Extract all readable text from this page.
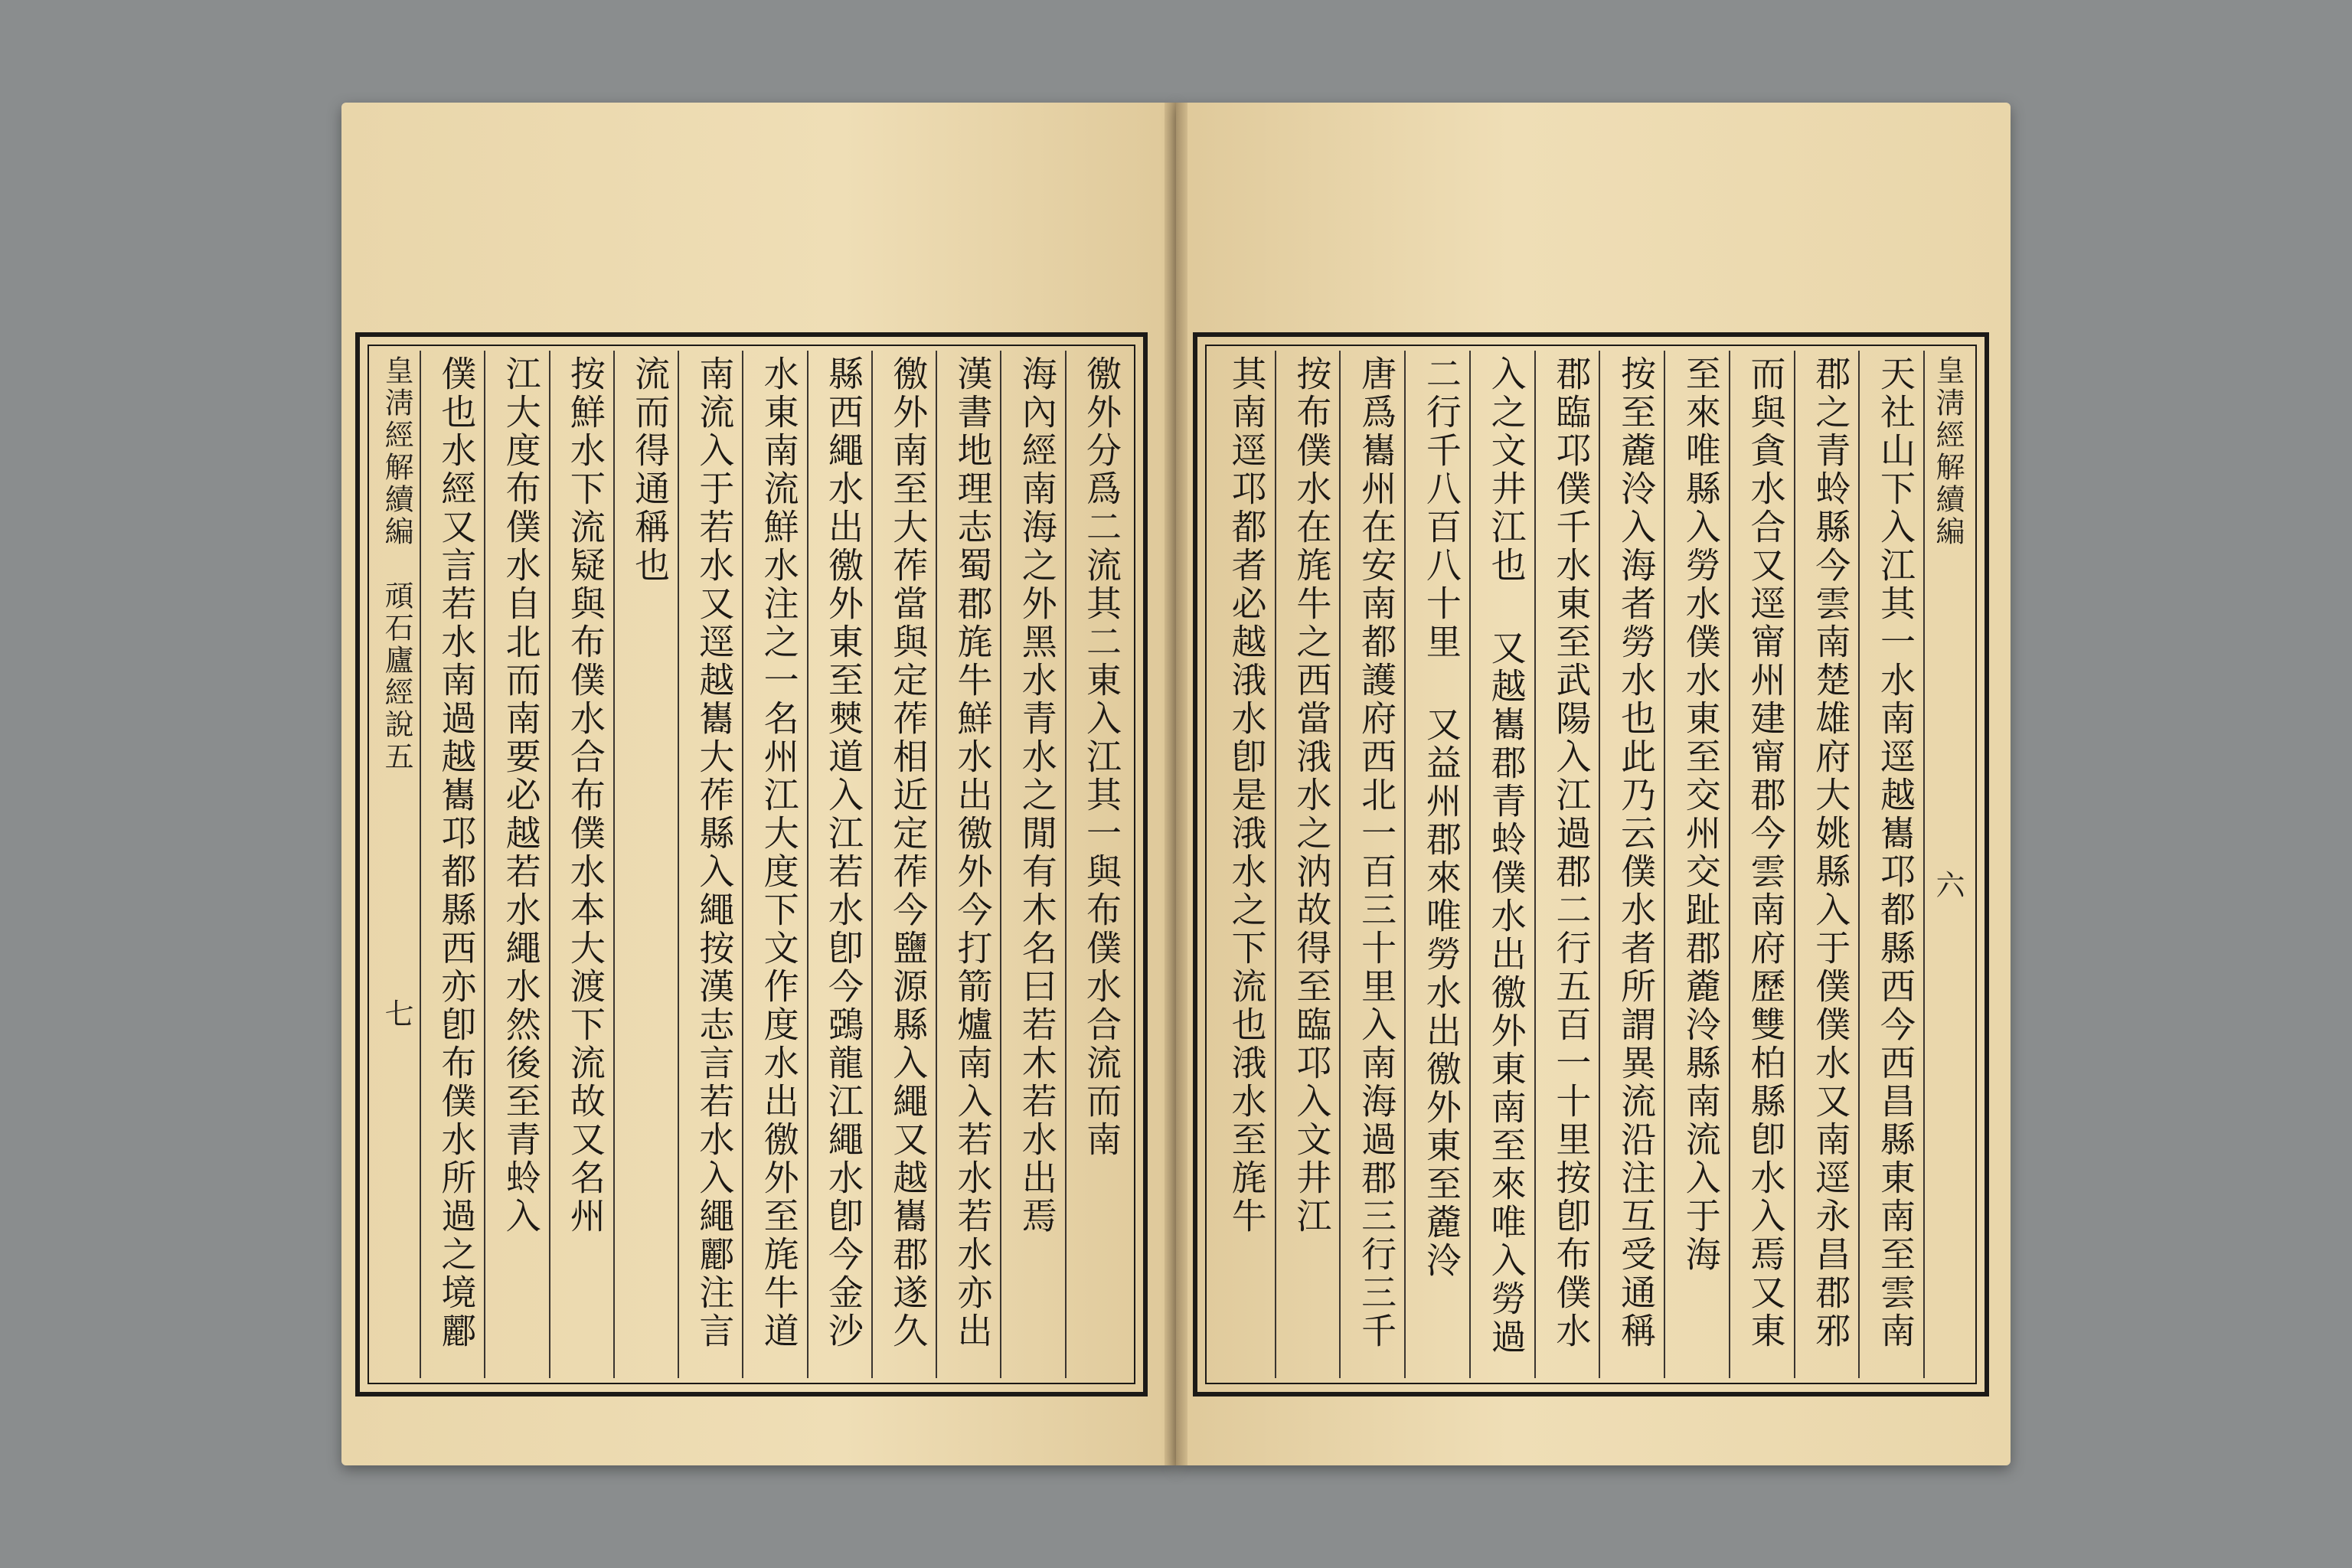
徼外分爲二流其二東入江其一與布僕水合流而南
海內經南海之外黑水青水之閒有木名曰若木若水出焉
漢書地理志蜀郡旄牛鮮水出徼外今打箭爐南入若水若水亦出
徼外南至大莋當與定莋相近定莋今鹽源縣入繩又越巂郡遂久
縣西繩水出徼外東至僰道入江若水卽今鵶龍江繩水卽今金沙
水東南流鮮水注之一名州江大度下文作度水出徼外至旄牛道
南流入于若水又逕越巂大莋縣入繩按漢志言若水入繩酈注言
流而得通稱也
按鮮水下流疑與布僕水合布僕水本大渡下流故又名州
江大度布僕水自北而南要必越若水繩水然後至青蛉入
僕也水經又言若水南過越巂邛都縣西亦卽布僕水所過之境酈
皇淸經解續編　頑石廬經說五　　　　　　　七
皇淸經解續編　　　　　　　　　　六
天社山下入江其一水南逕越巂邛都縣西今西昌縣東南至雲南
郡之青蛉縣今雲南楚雄府大姚縣入于僕僕水又南逕永昌郡邪
而與貪水合又逕甯州建甯郡今雲南府歷雙柏縣卽水入焉又東
至來唯縣入勞水僕水東至交州交趾郡麊泠縣南流入于海
按至麊泠入海者勞水也此乃云僕水者所謂異流沿注互受通稱 漢書地理志蜀
郡臨邛僕千水東至武陽入江過郡二行五百一十里按卽布僕水
入之文井江也 又越巂郡青蛉僕水出徼外東南至來唯入勞過
二行千八百八十里 又益州郡來唯勞水出徼外東至麊泠
唐爲巂州在安南都護府西北一百三十里入南海過郡三行三千
按布僕水在旄牛之西當涐水之汭故得至臨邛入文井江
其南逕邛都者必越涐水卽是涐水之下流也涐水至旄牛
